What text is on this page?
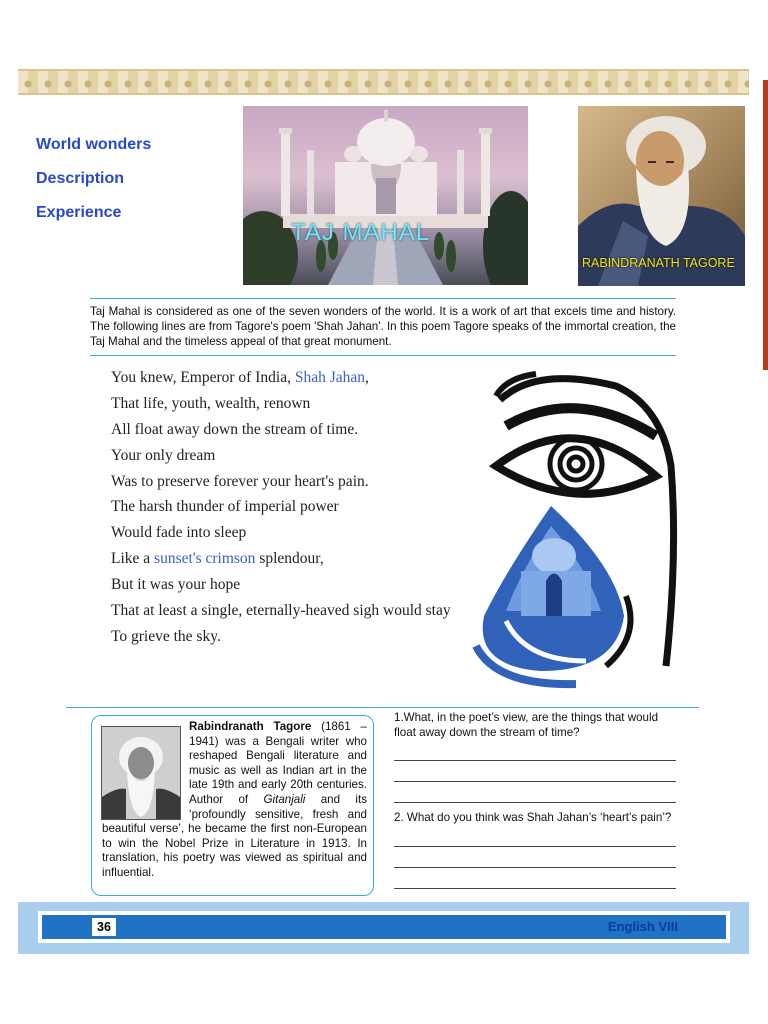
World wonders
Description
Experience
TAJ MAHAL
RABINDRANATH TAGORE

Taj Mahal is considered as one of the seven wonders of the world. It is a work of art that excels time and history. The following lines are from Tagore's poem 'Shah Jahan'. In this poem Tagore speaks of the immortal creation, the Taj Mahal and the timeless appeal of that great monument.

You knew, Emperor of India, Shah Jahan,
That life, youth, wealth, renown
All float away down the stream of time.
Your only dream
Was to preserve forever your heart's pain.
The harsh thunder of imperial power
Would fade into sleep
Like a sunset's crimson splendour,
But it was your hope
That at least a single, eternally-heaved sigh would stay
To grieve the sky.

Rabindranath Tagore (1861 – 1941) was a Bengali writer who reshaped Bengali literature and music as well as Indian art in the late 19th and early 20th centuries. Author of Gitanjali and its ‘profoundly sensitive, fresh and beautiful verse’, he became the first non-European to win the Nobel Prize in Literature in 1913. In translation, his poetry was viewed as spiritual and influential.

1.What, in the poet’s view, are the things that would float away down the stream of time?

2. What do you think was Shah Jahan’s ‘heart’s pain’?

36	English VIII
